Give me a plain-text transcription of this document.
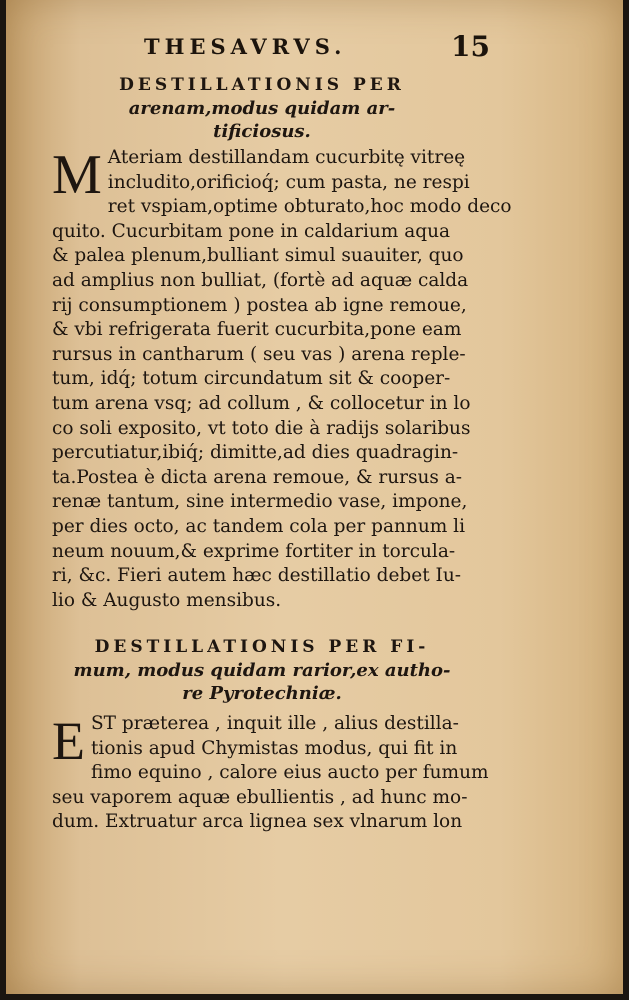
THESAVRVS.	15
DESTILLATIONIS PER
arenam,modus quidam ar-
tificiosus.
M Ateriam destillandam cucurbitę vitreę
includito,orificioq́; cum pasta, ne respi
ret vspiam,optime obturato,hoc modo deco
quito. Cucurbitam pone in caldarium aqua
& palea plenum,bulliant simul suauiter, quo
ad amplius non bulliat, (fortè ad aquæ calda
rij consumptionem ) postea ab igne remoue,
& vbi refrigerata fuerit cucurbita,pone eam
rursus in cantharum ( seu vas ) arena reple-
tum, idq́; totum circundatum sit & cooper-
tum arena vsq; ad collum , & collocetur in lo
co soli exposito, vt toto die à radijs solaribus
percutiatur,ibiq́; dimitte,ad dies quadragin-
ta.Postea è dicta arena remoue, & rursus a-
renæ tantum, sine intermedio vase, impone,
per dies octo, ac tandem cola per pannum li
neum nouum,& exprime fortiter in torcula-
ri, &c. Fieri autem hæc destillatio debet Iu-
lio & Augusto mensibus.
DESTILLATIONIS PER FI-
mum, modus quidam rarior,ex autho-
re Pyrotechniæ.
E ST præterea , inquit ille , alius destilla-
tionis apud Chymistas modus, qui fit in
fimo equino , calore eius aucto per fumum
seu vaporem aquæ ebullientis , ad hunc mo-
dum. Extruatur arca lignea sex vlnarum lon
